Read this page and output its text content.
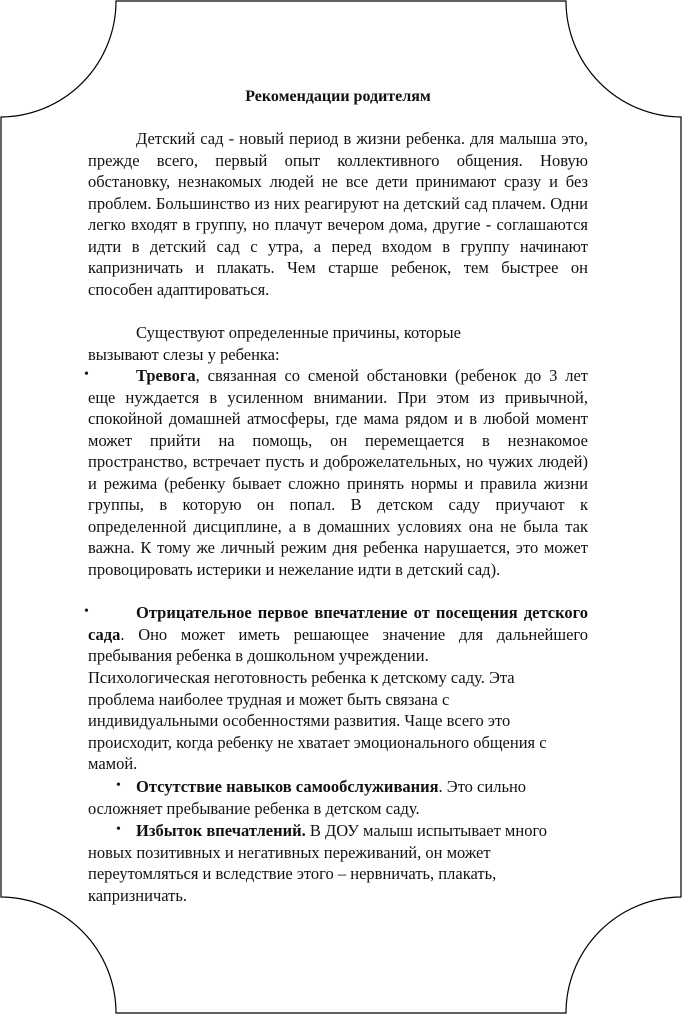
Рекомендации родителям

Детский сад - новый период в жизни ребенка. для малыша это, прежде всего, первый опыт коллективного общения. Новую обстановку, незнакомых людей не все дети принимают сразу и без проблем. Большинство из них реагируют на детский сад плачем. Одни легко входят в группу, но плачут вечером дома, другие - соглашаются идти в детский сад с утра, а перед входом в группу начинают капризничать и плакать. Чем старше ребенок, тем быстрее он способен адаптироваться.

Существуют определенные причины, которые вызывают слезы у ребенка:

•	Тревога, связанная со сменой обстановки (ребенок до 3 лет еще нуждается в усиленном внимании. При этом из привычной, спокойной домашней атмосферы, где мама рядом и в любой момент может прийти на помощь, он перемещается в незнакомое пространство, встречает пусть и доброжелательных, но чужих людей) и режима (ребенку бывает сложно принять нормы и правила жизни группы, в которую он попал. В детском саду приучают к определенной дисциплине, а в домашних условиях она не была так важна. К тому же личный режим дня ребенка нарушается, это может провоцировать истерики и нежелание идти в детский сад).

•	Отрицательное первое впечатление от посещения детского сада. Оно может иметь решающее значение для дальнейшего пребывания ребенка в дошкольном учреждении.

Психологическая неготовность ребенка к детскому саду. Эта проблема наиболее трудная и может быть связана с индивидуальными особенностями развития. Чаще всего это происходит, когда ребенку не хватает эмоционального общения с мамой.

• Отсутствие навыков самообслуживания. Это сильно осложняет пребывание ребенка в детском саду.

• Избыток впечатлений. В ДОУ малыш испытывает много новых позитивных и негативных переживаний, он может переутомляться и вследствие этого – нервничать, плакать, капризничать.
